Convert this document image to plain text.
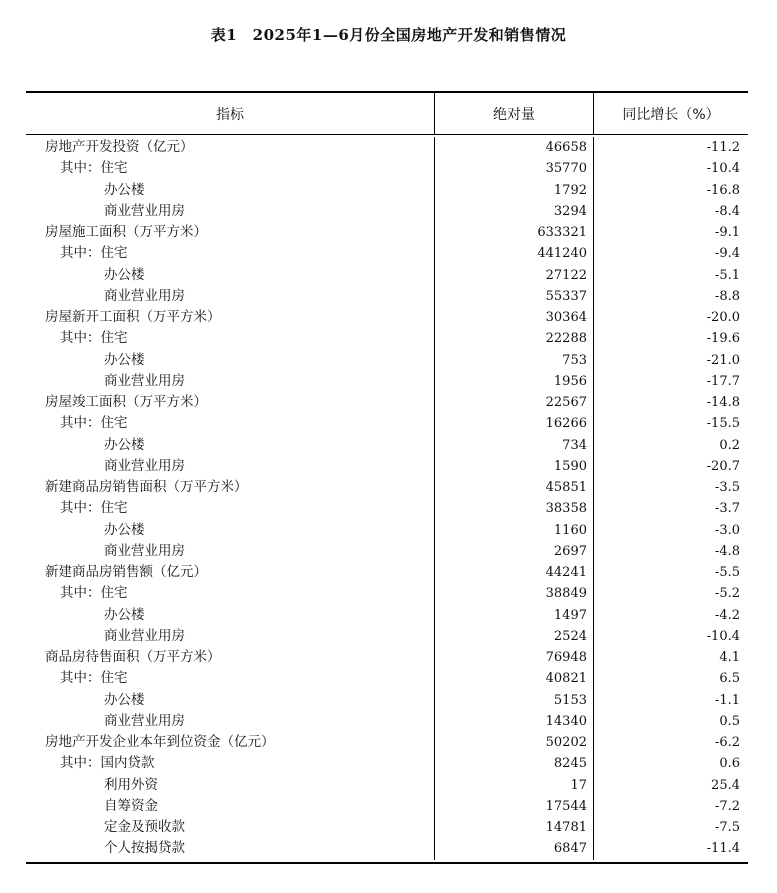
表1　2025年1—6月份全国房地产开发和销售情况
指标	绝对量	同比增长（%）
房地产开发投资（亿元）	46658	-11.2
其中：住宅	35770	-10.4
办公楼	1792	-16.8
商业营业用房	3294	-8.4
房屋施工面积（万平方米）	633321	-9.1
其中：住宅	441240	-9.4
办公楼	27122	-5.1
商业营业用房	55337	-8.8
房屋新开工面积（万平方米）	30364	-20.0
其中：住宅	22288	-19.6
办公楼	753	-21.0
商业营业用房	1956	-17.7
房屋竣工面积（万平方米）	22567	-14.8
其中：住宅	16266	-15.5
办公楼	734	0.2
商业营业用房	1590	-20.7
新建商品房销售面积（万平方米）	45851	-3.5
其中：住宅	38358	-3.7
办公楼	1160	-3.0
商业营业用房	2697	-4.8
新建商品房销售额（亿元）	44241	-5.5
其中：住宅	38849	-5.2
办公楼	1497	-4.2
商业营业用房	2524	-10.4
商品房待售面积（万平方米）	76948	4.1
其中：住宅	40821	6.5
办公楼	5153	-1.1
商业营业用房	14340	0.5
房地产开发企业本年到位资金（亿元）	50202	-6.2
其中：国内贷款	8245	0.6
利用外资	17	25.4
自筹资金	17544	-7.2
定金及预收款	14781	-7.5
个人按揭贷款	6847	-11.4
